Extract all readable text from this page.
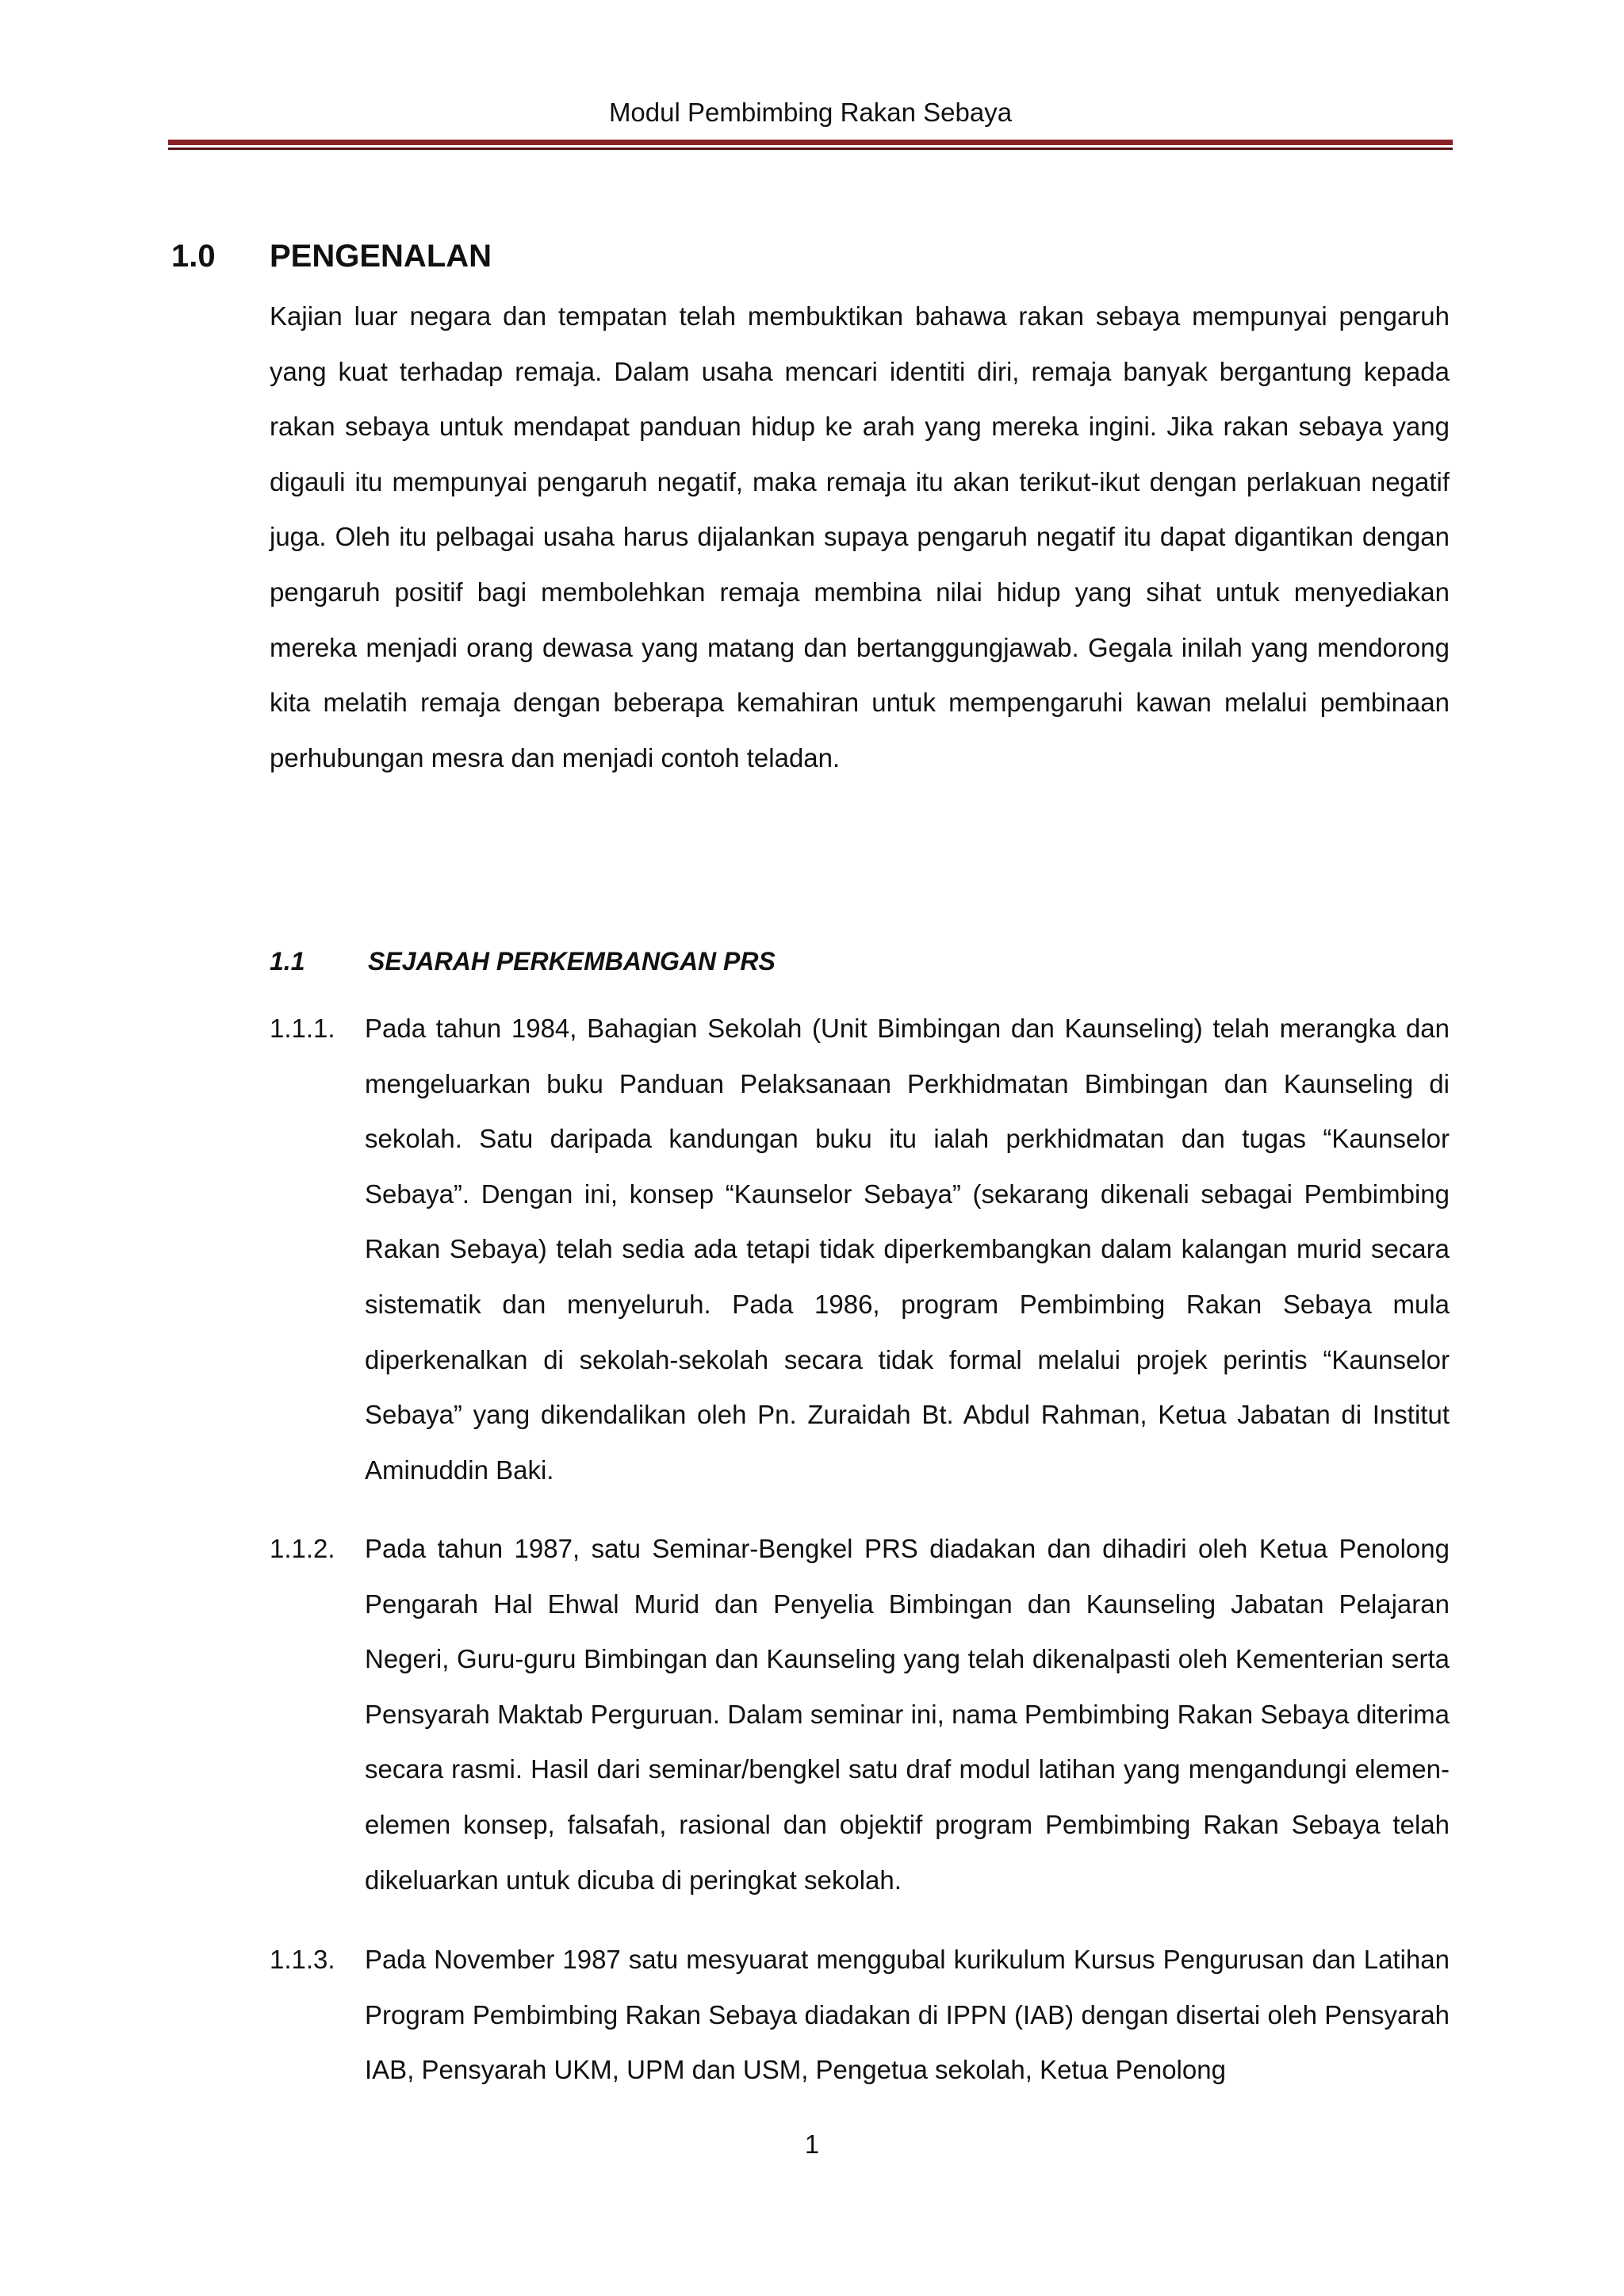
Modul Pembimbing Rakan Sebaya
1.0 PENGENALAN

Kajian luar negara dan tempatan telah membuktikan bahawa rakan sebaya mempunyai pengaruh yang kuat terhadap remaja. Dalam usaha mencari identiti diri, remaja banyak bergantung kepada rakan sebaya untuk mendapat panduan hidup ke arah yang mereka ingini. Jika rakan sebaya yang digauli itu mempunyai pengaruh negatif, maka remaja itu akan terikut-ikut dengan perlakuan negatif juga. Oleh itu pelbagai usaha harus dijalankan supaya pengaruh negatif itu dapat digantikan dengan pengaruh positif bagi membolehkan remaja membina nilai hidup yang sihat untuk menyediakan mereka menjadi orang dewasa yang matang dan bertanggungjawab. Gegala inilah yang mendorong kita melatih remaja dengan beberapa kemahiran untuk mempengaruhi kawan melalui pembinaan perhubungan mesra dan menjadi contoh teladan.

1.1 SEJARAH PERKEMBANGAN PRS
1.1.1.	Pada tahun 1984, Bahagian Sekolah (Unit Bimbingan dan Kaunseling) telah merangka dan mengeluarkan buku Panduan Pelaksanaan Perkhidmatan Bimbingan dan Kaunseling di sekolah. Satu daripada kandungan buku itu ialah perkhidmatan dan tugas “Kaunselor Sebaya”. Dengan ini, konsep “Kaunselor Sebaya” (sekarang dikenali sebagai Pembimbing Rakan Sebaya) telah sedia ada tetapi tidak diperkembangkan dalam kalangan murid secara sistematik dan menyeluruh. Pada 1986, program Pembimbing Rakan Sebaya mula diperkenalkan di sekolah-sekolah secara tidak formal melalui projek perintis “Kaunselor Sebaya” yang dikendalikan oleh Pn. Zuraidah Bt. Abdul Rahman, Ketua Jabatan di Institut Aminuddin Baki.
1.1.2.	Pada tahun 1987, satu Seminar-Bengkel PRS diadakan dan dihadiri oleh Ketua Penolong Pengarah Hal Ehwal Murid dan Penyelia Bimbingan dan Kaunseling Jabatan Pelajaran Negeri, Guru-guru Bimbingan dan Kaunseling yang telah dikenalpasti oleh Kementerian serta Pensyarah Maktab Perguruan. Dalam seminar ini, nama Pembimbing Rakan Sebaya diterima secara rasmi. Hasil dari seminar/bengkel satu draf modul latihan yang mengandungi elemen-elemen konsep, falsafah, rasional dan objektif program Pembimbing Rakan Sebaya telah dikeluarkan untuk dicuba di peringkat sekolah.
1.1.3.	Pada November 1987 satu mesyuarat menggubal kurikulum Kursus Pengurusan dan Latihan Program Pembimbing Rakan Sebaya diadakan di IPPN (IAB) dengan disertai oleh Pensyarah IAB, Pensyarah UKM, UPM dan USM, Pengetua sekolah, Ketua Penolong
1
